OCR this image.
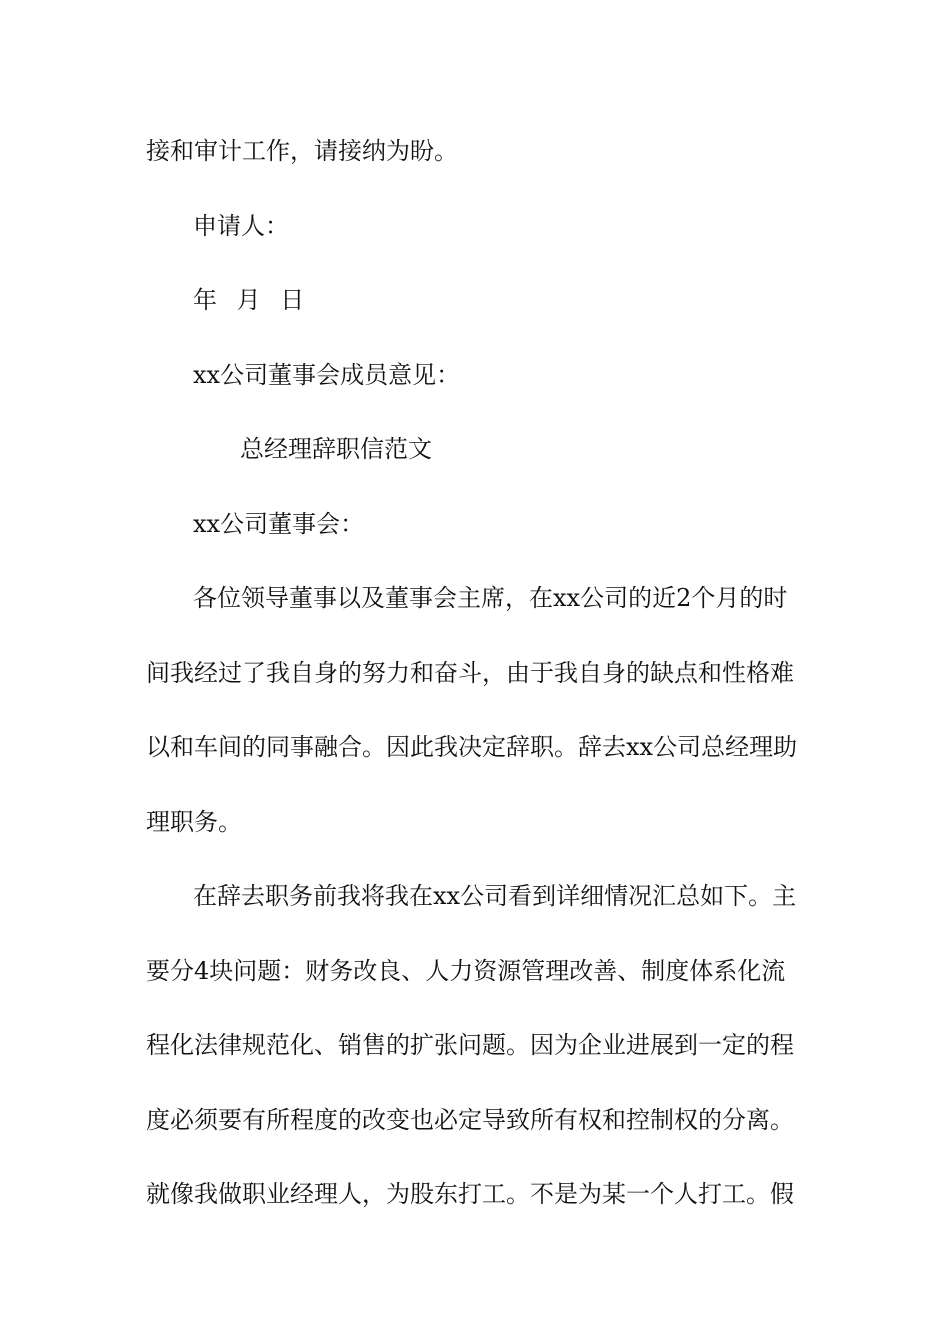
接和审计工作，请接纳为盼。
申请人：
年 月 日
xx公司董事会成员意见：
总经理辞职信范文
xx公司董事会：
各位领导董事以及董事会主席，在xx公司的近2个月的时
间我经过了我自身的努力和奋斗，由于我自身的缺点和性格难
以和车间的同事融合。因此我决定辞职。辞去xx公司总经理助
理职务。
在辞去职务前我将我在xx公司看到详细情况汇总如下。主
要分4块问题：财务改良、人力资源管理改善、制度体系化流
程化法律规范化、销售的扩张问题。因为企业进展到一定的程
度必须要有所程度的改变也必定导致所有权和控制权的分离。
就像我做职业经理人，为股东打工。不是为某一个人打工。假
